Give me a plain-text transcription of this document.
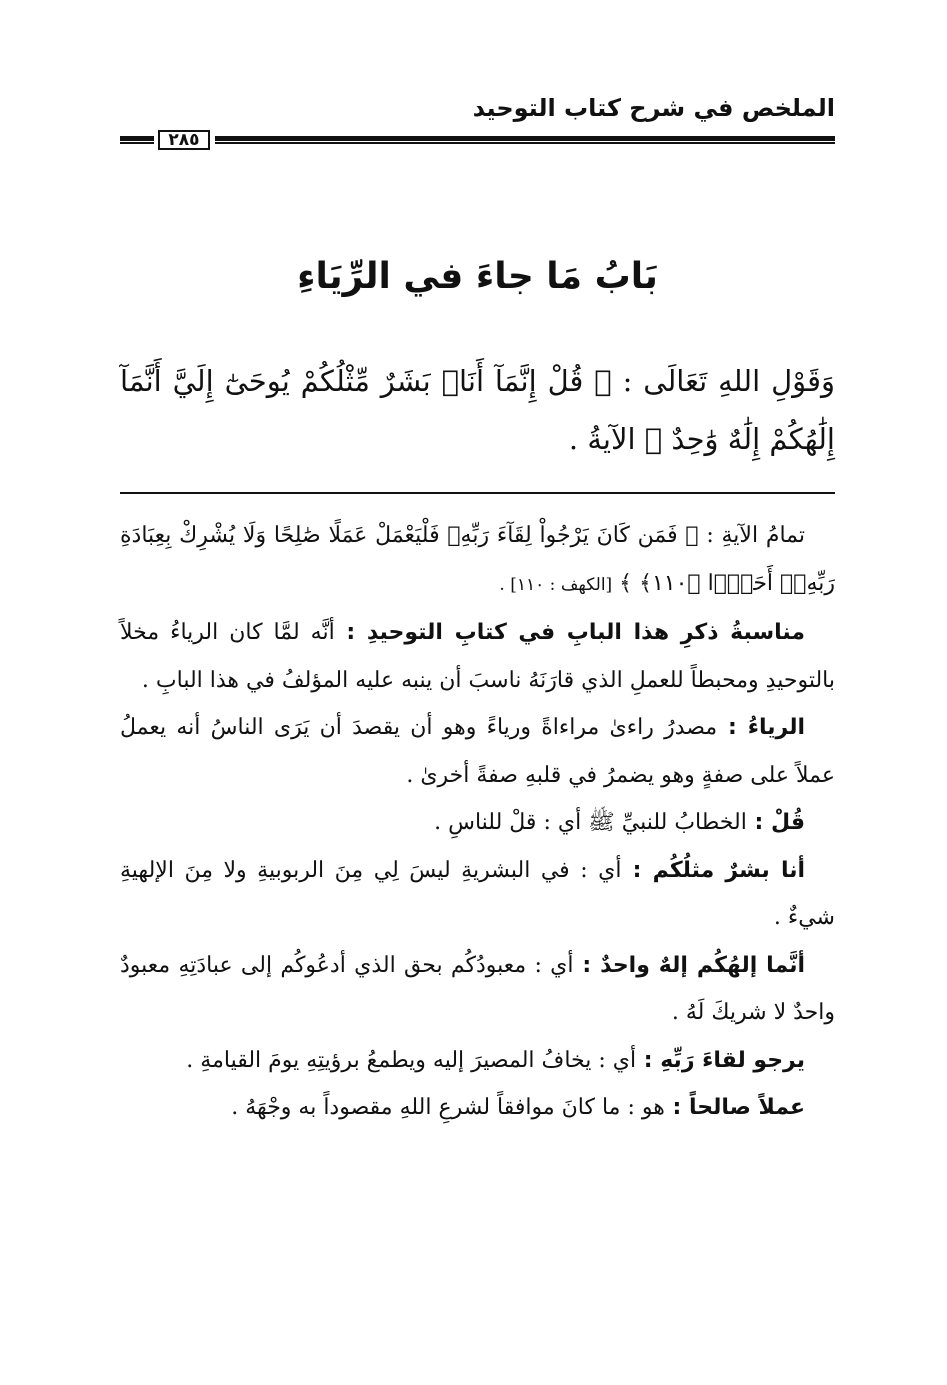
الملخص في شرح كتاب التوحيد
٢٨٥
بَابُ مَا جاءَ في الرِّيَاءِ
وَقَوْلِ اللهِ تَعَالَى : ﴿ قُلْ إِنَّمَآ أَنَا۠ بَشَرٌ مِّثْلُكُمْ يُوحَىٰٓ إِلَيَّ أَنَّمَآ إِلَٰهُكُمْ إِلَٰهٌ وَٰحِدٌ ﴾ الآيةُ .

تمامُ الآيةِ : ﴿ فَمَن كَانَ يَرْجُواْ لِقَآءَ رَبِّهِۦ فَلْيَعْمَلْ عَمَلًا صَٰلِحًا وَلَا يُشْرِكْ بِعِبَادَةِ رَبِّهِۦٓ أَحَدًۢا ﴿١١٠﴾ ﴾ [الكهف : ١١٠] .

مناسبةُ ذكرِ هذا البابِ في كتابِ التوحيدِ : أنَّه لمَّا كان الرياءُ مخلاً بالتوحيدِ ومحبطاً للعملِ الذي قارَنَهُ ناسبَ أن ينبه عليه المؤلفُ في هذا البابِ .

الرياءُ : مصدرُ راءىٰ مراءاةً ورياءً وهو أن يقصدَ أن يَرَى الناسُ أنه يعملُ عملاً على صفةٍ وهو يضمرُ في قلبهِ صفةً أخرىٰ .

قُلْ : الخطابُ للنبيِّ ﷺ أي : قلْ للناسِ .

أنا بشرٌ مثلُكُم : أي : في البشريةِ ليسَ لِي مِنَ الربوبيةِ ولا مِنَ الإلهيةِ شيءٌ .

أنَّما إلهُكُم إلهٌ واحدٌ : أي : معبودُكُم بحق الذي أدعُوكُم إلى عبادَتِهِ معبودٌ واحدٌ لا شريكَ لَهُ .

يرجو لقاءَ رَبِّهِ : أي : يخافُ المصيرَ إليه ويطمعُ برؤيتِهِ يومَ القيامةِ .

عملاً صالحاً : هو : ما كانَ موافقاً لشرعِ اللهِ مقصوداً به وجْهَهُ .
